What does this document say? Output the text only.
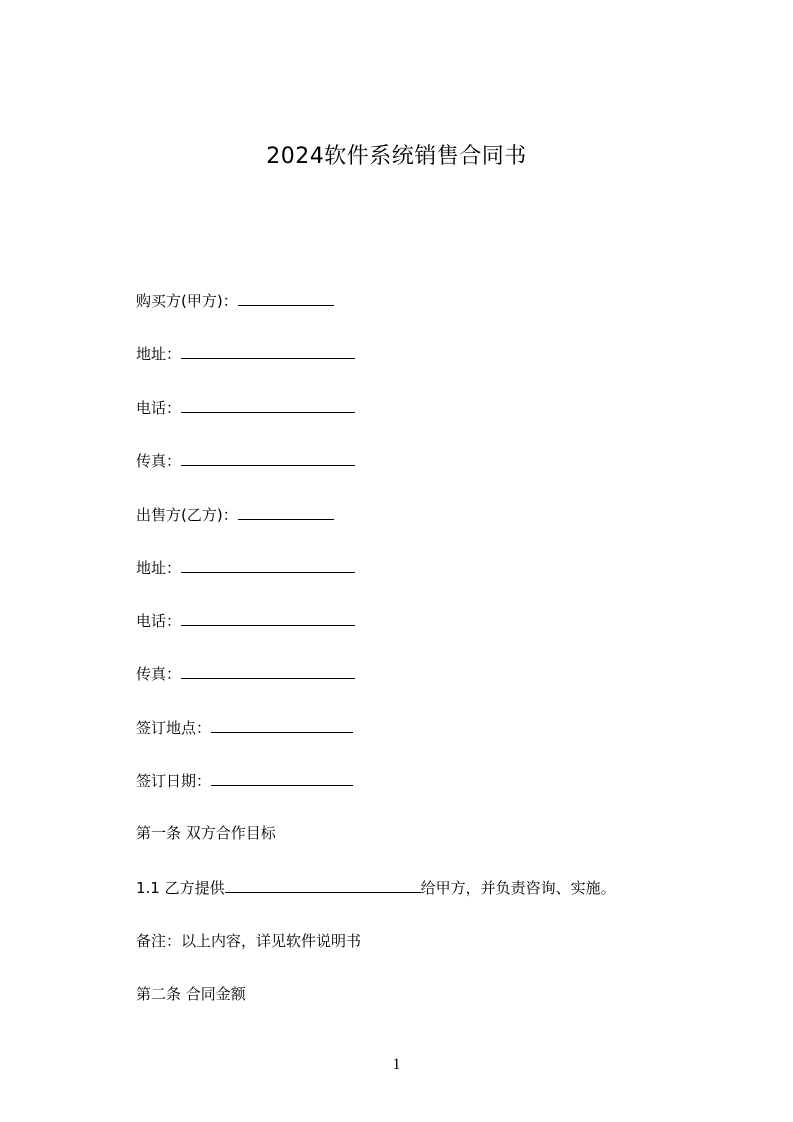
2024软件系统销售合同书
购买方(甲方)：
地址：
电话：
传真：
出售方(乙方)：
地址：
电话：
传真：
签订地点：
签订日期：
第一条 双方合作目标
1.1 乙方提供	给甲方，并负责咨询、实施。
备注：以上内容，详见软件说明书
第二条 合同金额
1
